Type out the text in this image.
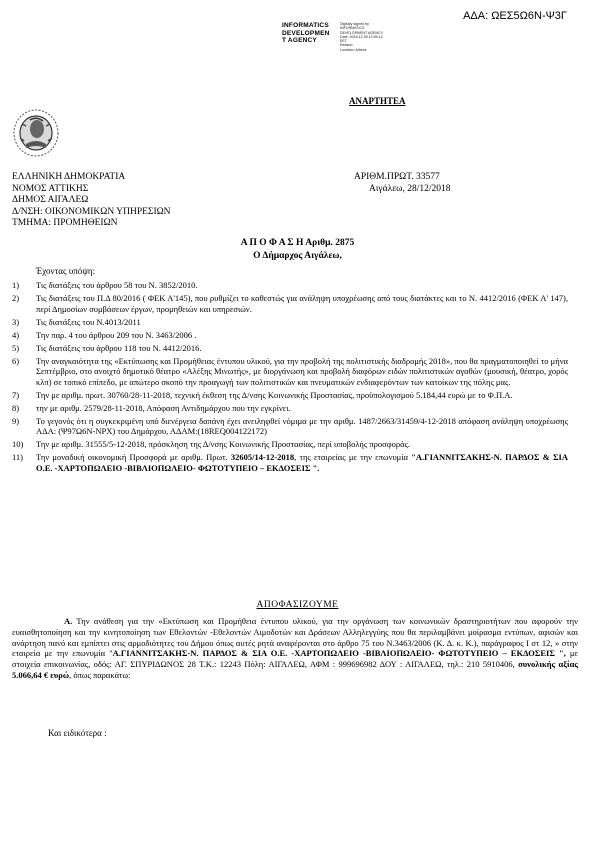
ΑΔΑ: ΩΕΣ5Ω6Ν-Ψ3Γ
INFORMATICS
DEVELOPMEN
T AGENCY
Digitally signed by
INFORMATICS
DEVELOPMENT AGENCY
Date: 2018.12.28 12:55:14
EET
Reason:
Location: Athens
ΑΝΑΡΤΗΤΕΑ
ΕΛΛΗΝΙΚΗ ΔΗΜΟΚΡΑΤΙΑ
ΝΟΜΟΣ ΑΤΤΙΚΗΣ
ΔΗΜΟΣ ΑΙΓΑΛΕΩ
Δ/ΝΣΗ: ΟΙΚΟΝΟΜΙΚΩΝ ΥΠΗΡΕΣΙΩΝ
ΤΜΗΜΑ: ΠΡΟΜΗΘΕΙΩΝ
ΑΡΙΘΜ.ΠΡΩΤ. 33577
Αιγάλεω, 28/12/2018
Α Π Ο Φ Α Σ Η Αριθμ. 2875
Ο Δήμαρχος Αιγάλεω,
Έχοντας υπόψη:
1) Τις διατάξεις του άρθρου 58 του Ν. 3852/2010.
2) Τις διατάξεις του Π.Δ 80/2016 ( ΦΕΚ Α'145), που ρυθμίζει το καθεστώς για ανάληψη υποχρέωσης από τους διατάκτες και το Ν. 4412/2016 (ΦΕΚ Α' 147), περί Δημοσίων συμβάσεων έργων, προμηθειών και υπηρεσιών.
3) Τις διατάξεις του Ν.4013/2011
4) Την παρ. 4 του άρθρου 209 του Ν. 3463/2006 .
5) Τις διατάξεις του άρθρου 118 του Ν. 4412/2016.
6) Την αναγκαιότητα της «Εκτύπωσης και Προμήθειας έντυπου υλικού, για την προβολή της πολιτιστικής διαδρομής 2018», που θα πραγματοποιηθεί το μήνα Σεπτέμβριο, στο ανοιχτό δημοτικό θέατρο «Αλέξης Μινωτής», με διοργάνωση και προβολή διαφόρων ειδών πολιτιστικών αγαθών (μουσική, θέατρο, χορός κλπ) σε τοπικό επίπεδο, με απώτερο σκοπό την προαγωγή των πολιτιστικών και πνευματικών ενδιαφερόντων των κατοίκων της πόλης μας.
7) Την με αριθμ. πρωτ. 30760/28-11-2018, τεχνική έκθεση της Δ/νσης Κοινωνικής Προστασίας, προϋπολογισμού 5.184,44 ευρώ με το Φ.Π.Α.
8) την με αριθμ. 2579/28-11-2018, Απόφαση Αντιδημάρχου που την εγκρίνει.
9) Το γεγονός ότι η συγκεκριμένη υπό διενέργεια δαπάνη έχει ανειληφθεί νόμιμα με την αριθμ. 1487/2663/31459/4-12-2018 απόφαση ανάληψη υποχρέωσης ΑΔΑ: (Ψ97Ω6Ν-ΝΡΧ) του Δημάρχου, ΑΔΑΜ:(18REQ004122172)
10) Την με αριθμ. 31555/5-12-2018, πρόσκληση της Δ/νσης Κοινωνικής Προστασίας, περί υποβολής προσφοράς.
11) Την μοναδική οικονομική Προσφορά με αριθμ. Πρωτ. 32605/14-12-2018, της εταιρείας με την επωνυμία "Α.ΓΙΑΝΝΙΤΣΑΚΗΣ-Ν. ΠΑΡΔΟΣ & ΣΙΑ Ο.Ε. -ΧΑΡΤΟΠΩΛΕΙΟ -ΒΙΒΛΙΟΠΩΛΕΙΟ- ΦΩΤΟΤΥΠΕΙΟ – ΕΚΔΟΣΕΙΣ ".
ΑΠΟΦΑΣΙΖΟΥΜΕ
Α. Την ανάθεση για την «Εκτύπωση και Προμήθεια έντυπου υλικού, για την οργάνωση των κοινωνικών δραστηριοτήτων που αφορούν την ευαισθητοποίηση και την κινητοποίηση των Εθελοντών -Εθελοντών Αιμοδοτών και Δράσεων Αλληλεγγύης που θα περιλαμβάνει μοίρασμα εντύπων, αφισών και ανάρτηση πανό και εμπίπτει στις αρμοδιότητες του Δήμου όπως αυτές ρητά αναφέρονται στο άρθρο 75 του Ν.3463/2006 (Κ. Δ. κ. Κ.), παράγραφος Ι στ 12, » στην εταιρεία με την επωνυμία "Α.ΓΙΑΝΝΙΤΣΑΚΗΣ-Ν. ΠΑΡΔΟΣ & ΣΙΑ Ο.Ε. -ΧΑΡΤΟΠΩΛΕΙΟ -ΒΙΒΛΙΟΠΩΛΕΙΟ- ΦΩΤΟΤΥΠΕΙΟ – ΕΚΔΟΣΕΙΣ ", με στοιχεία επικοινωνίας, οδός: ΑΓ. ΣΠΥΡΙΔΩΝΟΣ 28 Τ.Κ.: 12243 Πόλη: ΑΙΓΑΛΕΩ, ΑΦΜ : 999696982 ΔΟΥ : ΑΙΓΑΛΕΩ, τηλ.: 210 5910406, συνολικής αξίας 5.066,64 € ευρώ, όπως παρακάτω:
Και ειδικότερα :
